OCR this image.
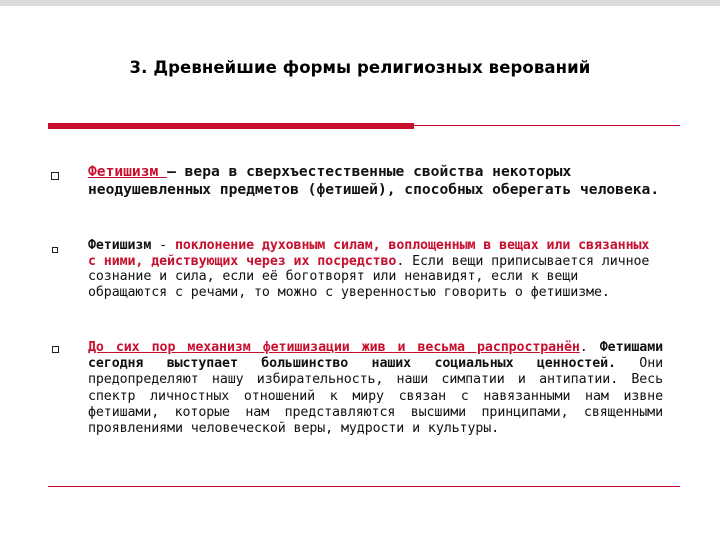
3. Древнейшие формы религиозных верований
Фетишизм – вера в сверхъестественные свойства некоторых неодушевленных предметов (фетишей), способных оберегать человека.
Фетишизм - поклонение духовным силам, воплощенным в вещах или связанных с ними, действующих через их посредство. Если вещи приписывается личное сознание и сила, если её боготворят или ненавидят, если к вещи обращаются с речами, то можно с уверенностью говорить о фетишизме.
До сих пор механизм фетишизации жив и весьма распространён. Фетишами сегодня выступает большинство наших социальных ценностей. Они предопределяют нашу избирательность, наши симпатии и антипатии. Весь спектр личностных отношений к миру связан с навязанными нам извне фетишами, которые нам представляются высшими принципами, священными проявлениями человеческой веры, мудрости и культуры.
